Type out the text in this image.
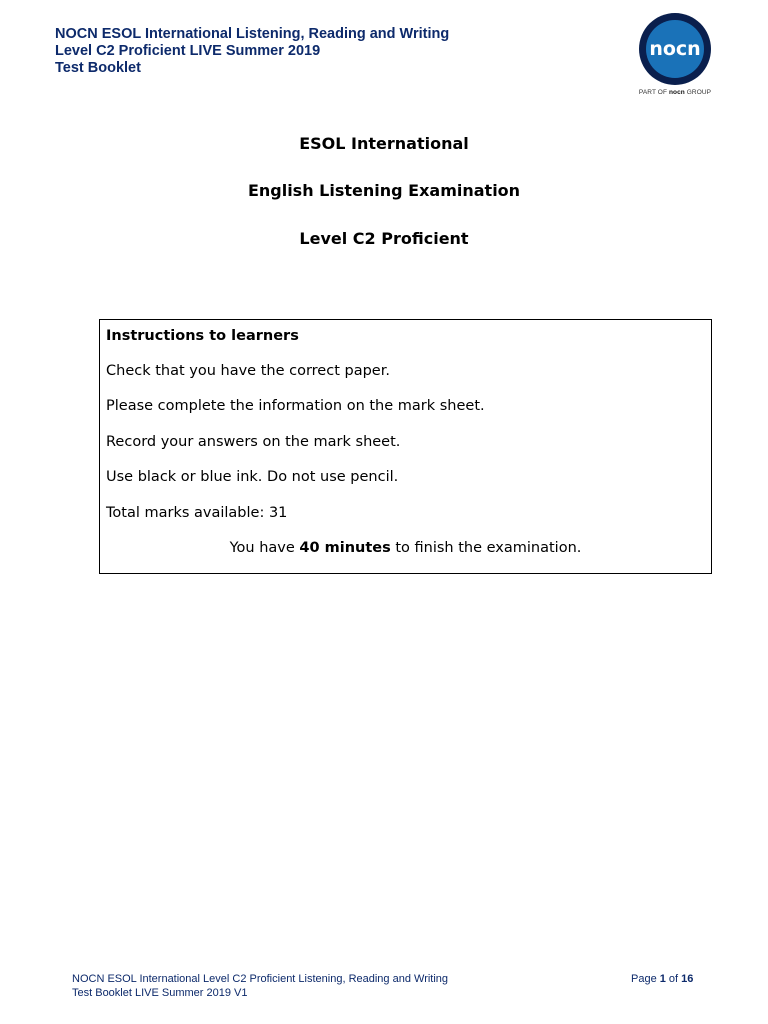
NOCN ESOL International Listening, Reading and Writing
Level C2 Proficient LIVE Summer 2019
Test Booklet
nocn
PART OF nocn GROUP
ESOL International
English Listening Examination
Level C2 Proficient
Instructions to learners
Check that you have the correct paper.
Please complete the information on the mark sheet.
Record your answers on the mark sheet.
Use black or blue ink. Do not use pencil.
Total marks available: 31
You have 40 minutes to finish the examination.
NOCN ESOL International Level C2 Proficient Listening, Reading and Writing
Test Booklet LIVE Summer 2019 V1
Page 1 of 16
